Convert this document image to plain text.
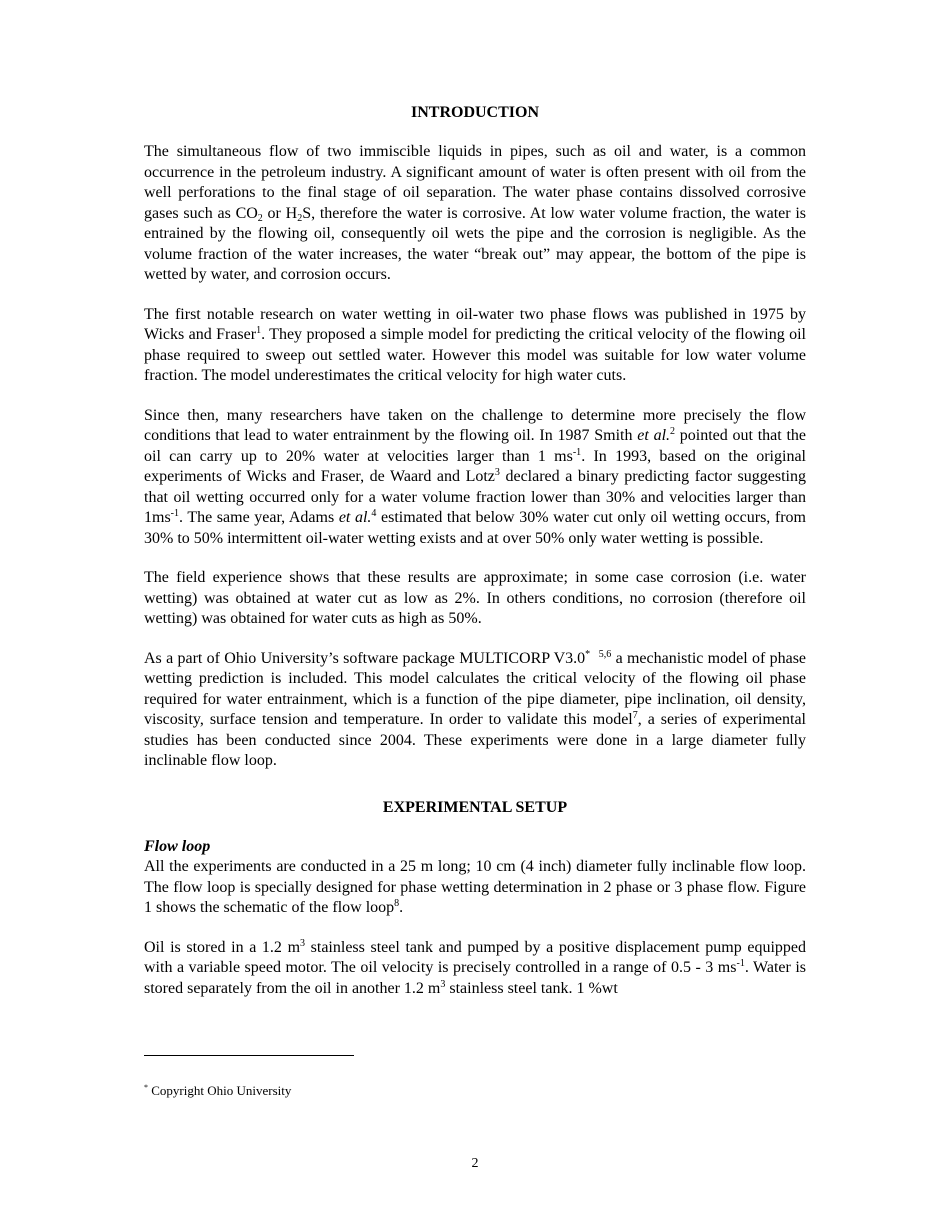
INTRODUCTION

The simultaneous flow of two immiscible liquids in pipes, such as oil and water, is a common occurrence in the petroleum industry. A significant amount of water is often present with oil from the well perforations to the final stage of oil separation. The water phase contains dissolved corrosive gases such as $CO_2$ or $H_2S$, therefore the water is corrosive. At low water volume fraction, the water is entrained by the flowing oil, consequently oil wets the pipe and the corrosion is negligible. As the volume fraction of the water increases, the water “break out” may appear, the bottom of the pipe is wetted by water, and corrosion occurs.

The first notable research on water wetting in oil-water two phase flows was published in 1975 by Wicks and Fraser$^1$. They proposed a simple model for predicting the critical velocity of the flowing oil phase required to sweep out settled water. However this model was suitable for low water volume fraction. The model underestimates the critical velocity for high water cuts.

Since then, many researchers have taken on the challenge to determine more precisely the flow conditions that lead to water entrainment by the flowing oil. In 1987 Smith et al.$^2$ pointed out that the oil can carry up to 20% water at velocities larger than 1 $ms^{-1}$. In 1993, based on the original experiments of Wicks and Fraser, de Waard and Lotz$^3$ declared a binary predicting factor suggesting that oil wetting occurred only for a water volume fraction lower than 30% and velocities larger than $1ms^{-1}$. The same year, Adams et al.$^4$ estimated that below 30% water cut only oil wetting occurs, from 30% to 50% intermittent oil-water wetting exists and at over 50% only water wetting is possible.

The field experience shows that these results are approximate; in some case corrosion (i.e. water wetting) was obtained at water cut as low as 2%. In others conditions, no corrosion (therefore oil wetting) was obtained for water cuts as high as 50%.

As a part of Ohio University’s software package MULTICORP V3.0* $^{5,6}$ a mechanistic model of phase wetting prediction is included. This model calculates the critical velocity of the flowing oil phase required for water entrainment, which is a function of the pipe diameter, pipe inclination, oil density, viscosity, surface tension and temperature. In order to validate this model$^7$, a series of experimental studies has been conducted since 2004. These experiments were done in a large diameter fully inclinable flow loop.

EXPERIMENTAL SETUP
Flow loop

All the experiments are conducted in a 25 m long; 10 cm (4 inch) diameter fully inclinable flow loop. The flow loop is specially designed for phase wetting determination in 2 phase or 3 phase flow. Figure 1 shows the schematic of the flow loop$^8$.

Oil is stored in a 1.2 $m^3$ stainless steel tank and pumped by a positive displacement pump equipped with a variable speed motor. The oil velocity is precisely controlled in a range of 0.5 - 3 $ms^{-1}$. Water is stored separately from the oil in another 1.2 $m^3$ stainless steel tank. 1 %wt

* Copyright Ohio University
2
